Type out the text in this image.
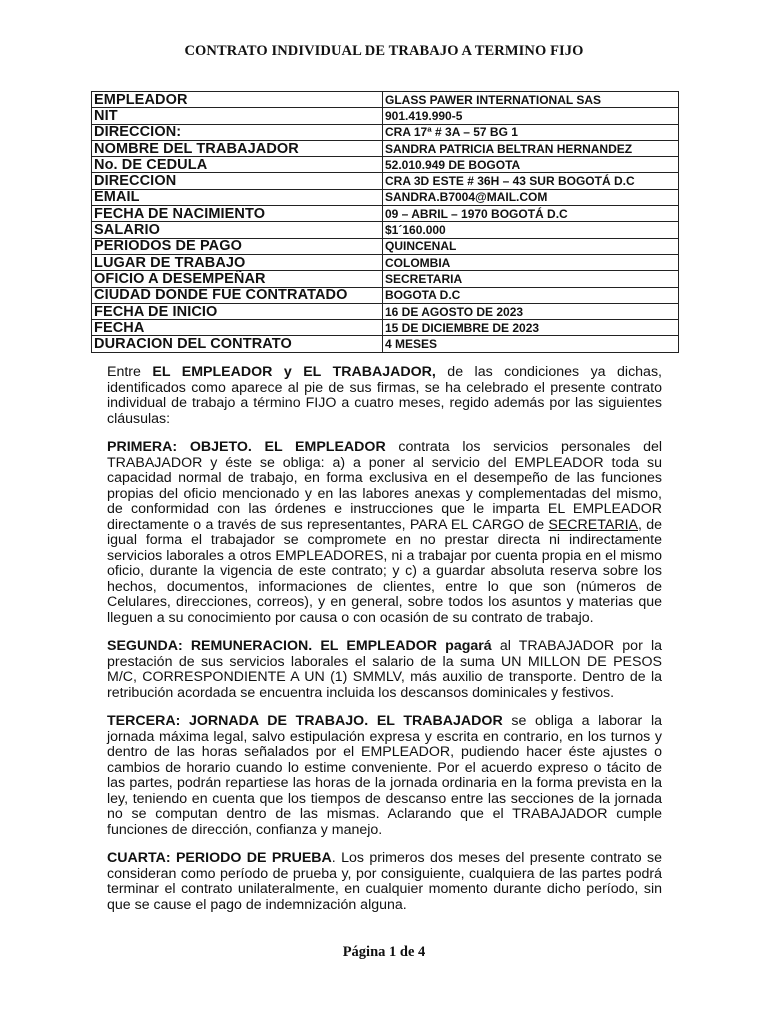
CONTRATO INDIVIDUAL DE TRABAJO A TERMINO FIJO
EMPLEADOR	GLASS PAWER INTERNATIONAL SAS
NIT	901.419.990-5
DIRECCION:	CRA 17ª # 3A – 57 BG 1
NOMBRE DEL TRABAJADOR	SANDRA PATRICIA BELTRAN HERNANDEZ
No. DE CEDULA	52.010.949 DE BOGOTA
DIRECCION	CRA 3D ESTE # 36H – 43 SUR BOGOTÁ D.C
EMAIL	SANDRA.B7004@MAIL.COM
FECHA DE NACIMIENTO	09 – ABRIL – 1970 BOGOTÁ D.C
SALARIO	$1´160.000
PERIODOS DE PAGO	QUINCENAL
LUGAR DE TRABAJO	COLOMBIA
OFICIO A DESEMPEÑAR	SECRETARIA
CIUDAD DONDE FUE CONTRATADO	BOGOTA D.C
FECHA DE INICIO	16 DE AGOSTO DE 2023
FECHA	15 DE DICIEMBRE DE 2023
DURACION DEL CONTRATO	4 MESES

Entre EL EMPLEADOR y EL TRABAJADOR, de las condiciones ya dichas, identificados como aparece al pie de sus firmas, se ha celebrado el presente contrato individual de trabajo a término FIJO a cuatro meses, regido además por las siguientes cláusulas:

PRIMERA: OBJETO. EL EMPLEADOR contrata los servicios personales del TRABAJADOR y éste se obliga: a) a poner al servicio del EMPLEADOR toda su capacidad normal de trabajo, en forma exclusiva en el desempeño de las funciones propias del oficio mencionado y en las labores anexas y complementadas del mismo, de conformidad con las órdenes e instrucciones que le imparta EL EMPLEADOR directamente o a través de sus representantes, PARA EL CARGO de SECRETARIA, de igual forma el trabajador se compromete en no prestar directa ni indirectamente servicios laborales a otros EMPLEADORES, ni a trabajar por cuenta propia en el mismo oficio, durante la vigencia de este contrato; y c) a guardar absoluta reserva sobre los hechos, documentos, informaciones de clientes, entre lo que son (números de Celulares, direcciones, correos), y en general, sobre todos los asuntos y materias que lleguen a su conocimiento por causa o con ocasión de su contrato de trabajo.

SEGUNDA: REMUNERACION. EL EMPLEADOR pagará al TRABAJADOR por la prestación de sus servicios laborales el salario de la suma UN MILLON DE PESOS M/C, CORRESPONDIENTE A UN (1) SMMLV, más auxilio de transporte. Dentro de la retribución acordada se encuentra incluida los descansos dominicales y festivos.

TERCERA: JORNADA DE TRABAJO. EL TRABAJADOR se obliga a laborar la jornada máxima legal, salvo estipulación expresa y escrita en contrario, en los turnos y dentro de las horas señalados por el EMPLEADOR, pudiendo hacer éste ajustes o cambios de horario cuando lo estime conveniente. Por el acuerdo expreso o tácito de las partes, podrán repartiese las horas de la jornada ordinaria en la forma prevista en la ley, teniendo en cuenta que los tiempos de descanso entre las secciones de la jornada no se computan dentro de las mismas. Aclarando que el TRABAJADOR cumple funciones de dirección, confianza y manejo.

CUARTA: PERIODO DE PRUEBA. Los primeros dos meses del presente contrato se consideran como período de prueba y, por consiguiente, cualquiera de las partes podrá terminar el contrato unilateralmente, en cualquier momento durante dicho período, sin que se cause el pago de indemnización alguna.

Página 1 de 4
